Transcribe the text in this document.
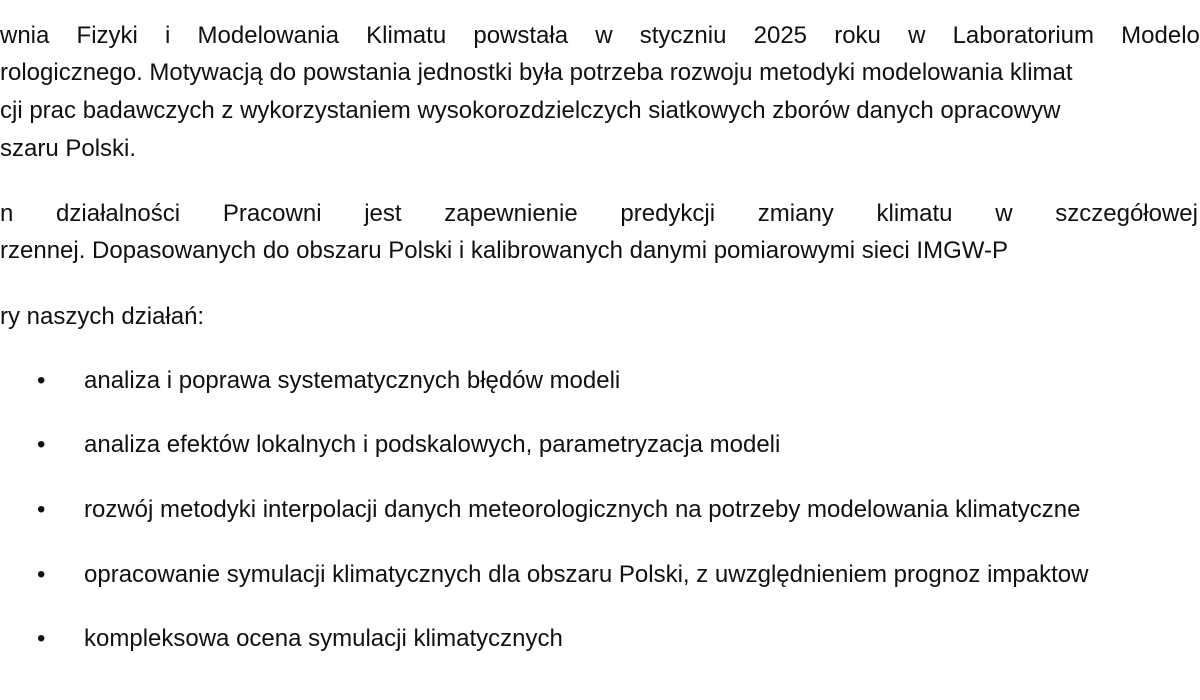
wnia Fizyki i Modelowania Klimatu powstała w styczniu 2025 roku w Laboratorium Modelo
rologicznego. Motywacją do powstania jednostki była potrzeba rozwoju metodyki modelowania klimat
cji prac badawczych z wykorzystaniem wysokorozdzielczych siatkowych zborów danych opracowyw
szaru Polski.
n działalności Pracowni jest zapewnienie predykcji zmiany klimatu w szczegółowej
rzennej. Dopasowanych do obszaru Polski i kalibrowanych danymi pomiarowymi sieci IMGW-P
ry naszych działań:
• analiza i poprawa systematycznych błędów modeli
• analiza efektów lokalnych i podskalowych, parametryzacja modeli
• rozwój metodyki interpolacji danych meteorologicznych na potrzeby modelowania klimatyczne
• opracowanie symulacji klimatycznych dla obszaru Polski, z uwzględnieniem prognoz impaktow
• kompleksowa ocena symulacji klimatycznych
